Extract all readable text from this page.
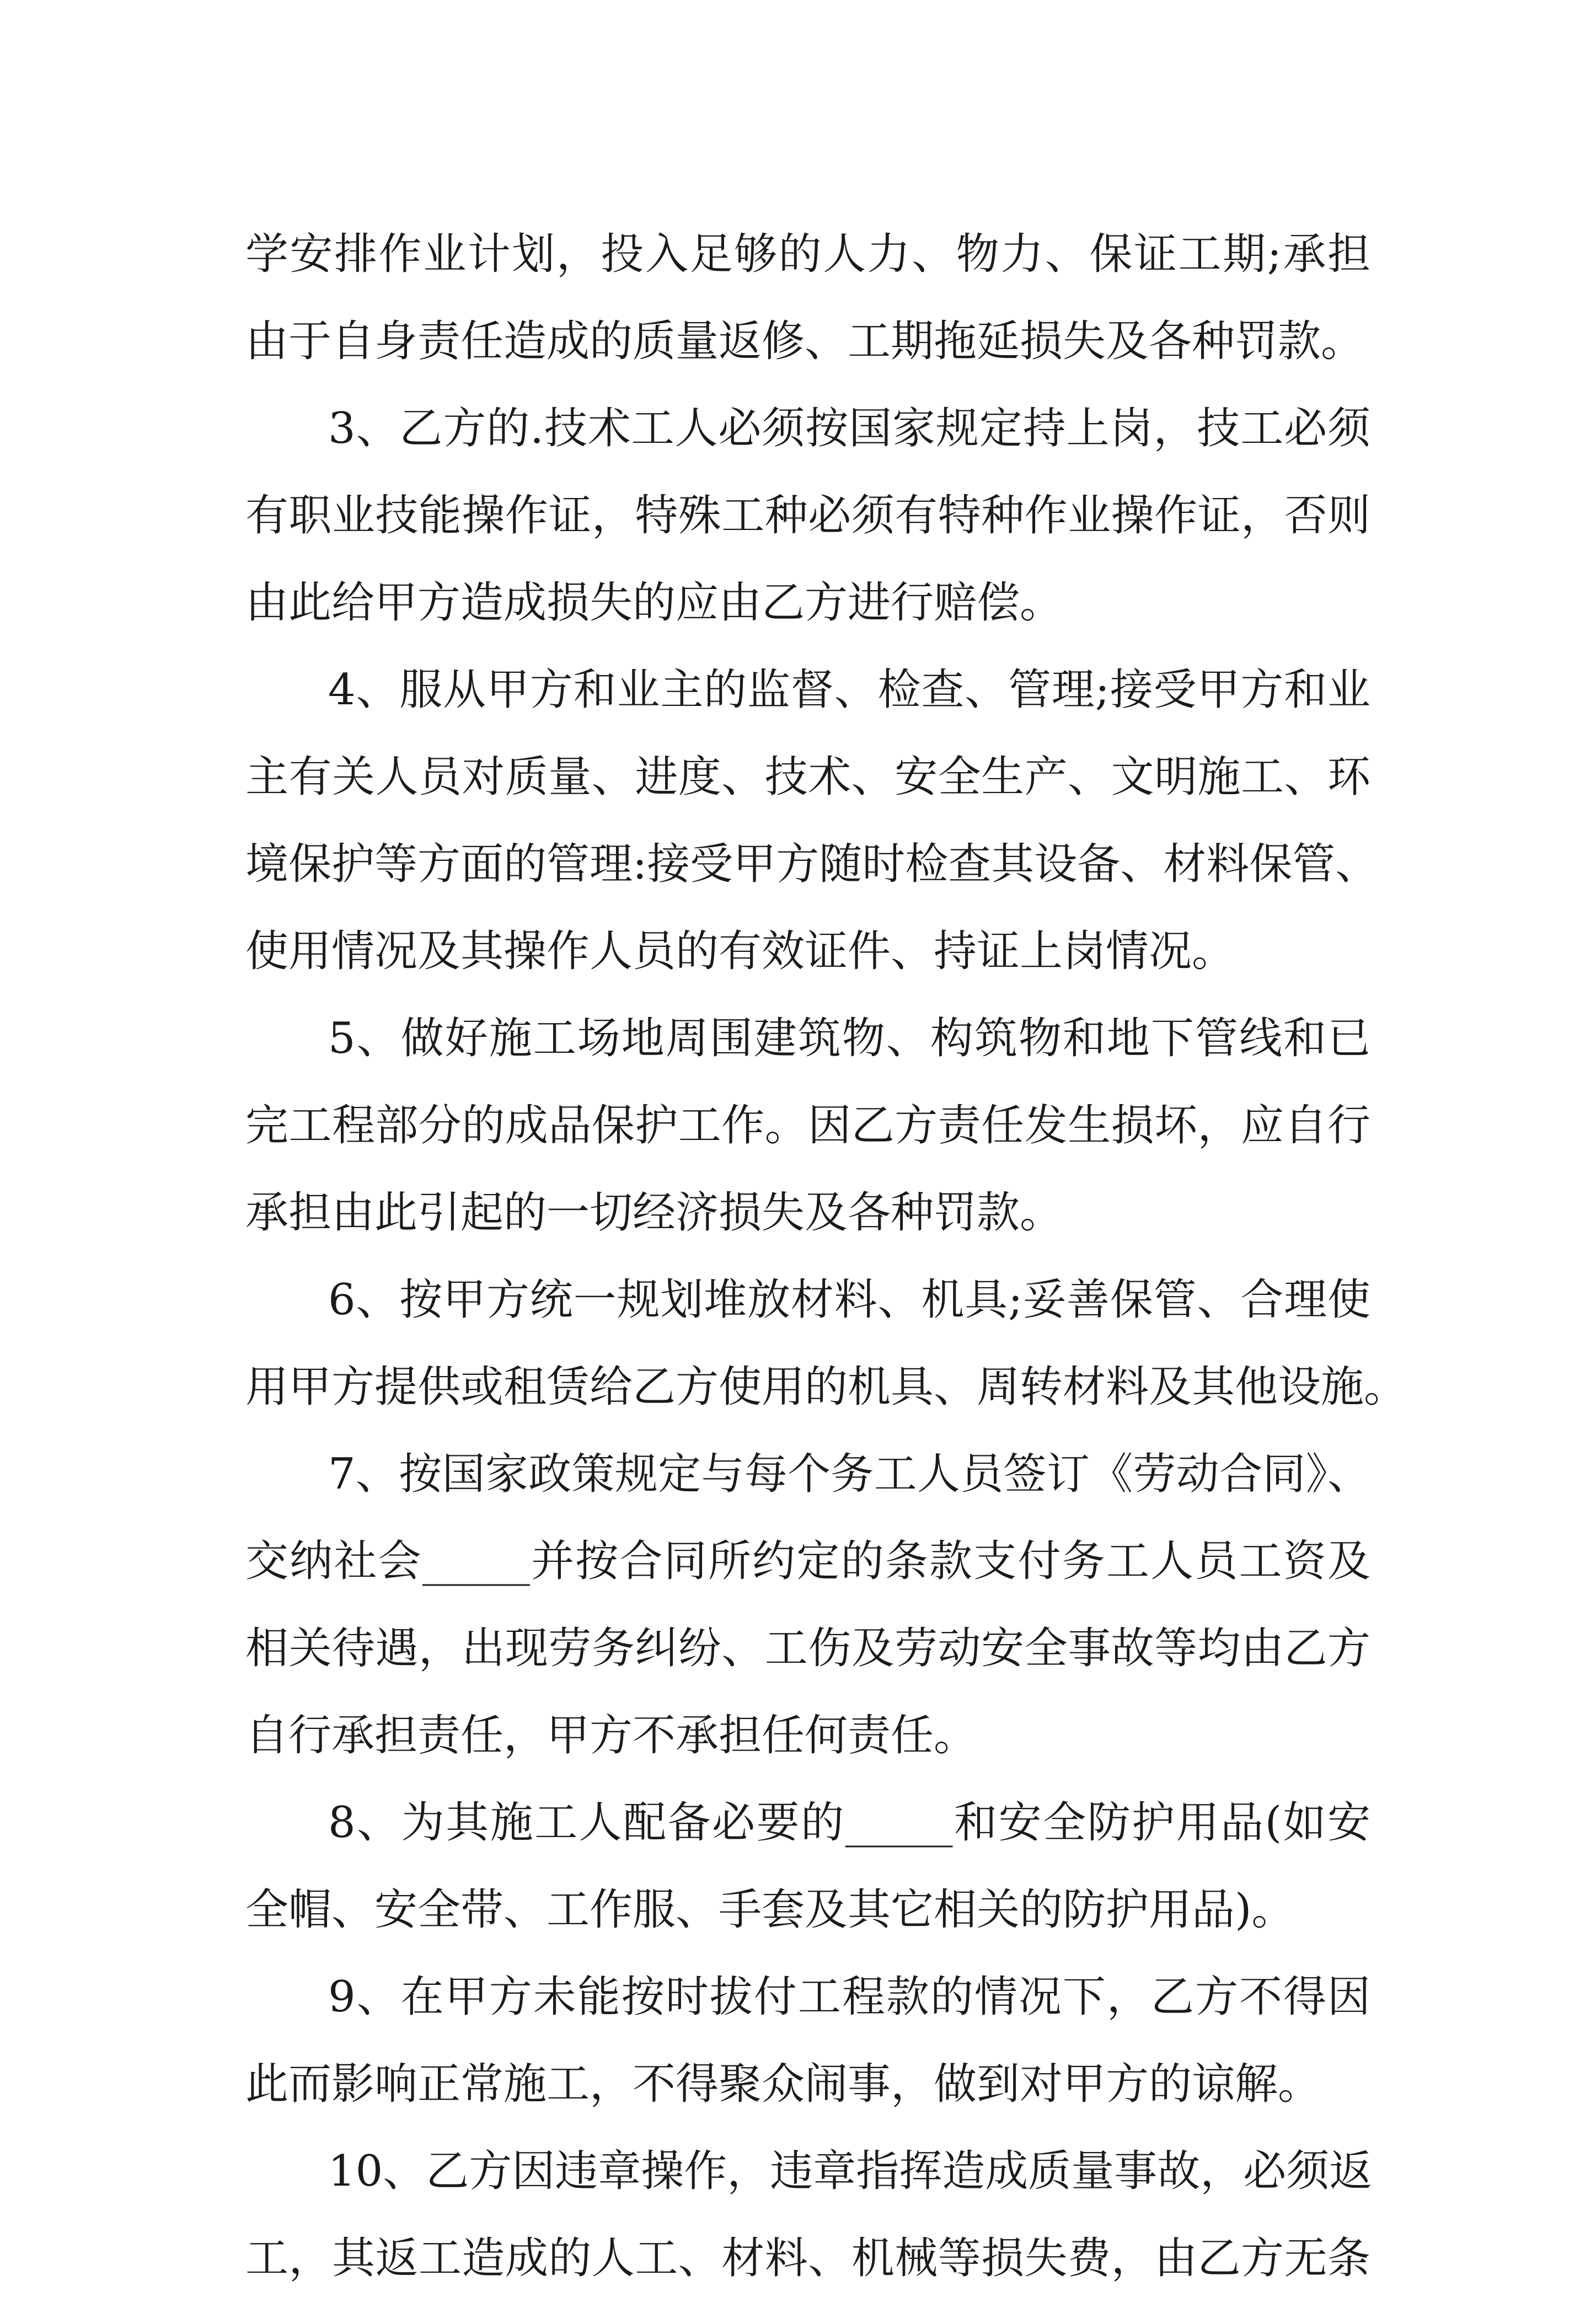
学安排作业计划，投入足够的人力、物力、保证工期;承担
由于自身责任造成的质量返修、工期拖延损失及各种罚款。
3、乙方的.技术工人必须按国家规定持上岗，技工必须
有职业技能操作证，特殊工种必须有特种作业操作证，否则
由此给甲方造成损失的应由乙方进行赔偿。
4、服从甲方和业主的监督、检查、管理;接受甲方和业
主有关人员对质量、进度、技术、安全生产、文明施工、环
境保护等方面的管理:接受甲方随时检查其设备、材料保管、
使用情况及其操作人员的有效证件、持证上岗情况。
5、做好施工场地周围建筑物、构筑物和地下管线和已
完工程部分的成品保护工作。因乙方责任发生损坏，应自行
承担由此引起的一切经济损失及各种罚款。
6、按甲方统一规划堆放材料、机具;妥善保管、合理使
用甲方提供或租赁给乙方使用的机具、周转材料及其他设施。
7、按国家政策规定与每个务工人员签订《劳动合同》、
交纳社会_____并按合同所约定的条款支付务工人员工资及
相关待遇，出现劳务纠纷、工伤及劳动安全事故等均由乙方
自行承担责任，甲方不承担任何责任。
8、为其施工人配备必要的_____和安全防护用品(如安
全帽、安全带、工作服、手套及其它相关的防护用品)。
9、在甲方未能按时拔付工程款的情况下，乙方不得因
此而影响正常施工，不得聚众闹事，做到对甲方的谅解。
10、乙方因违章操作，违章指挥造成质量事故，必须返
工，其返工造成的人工、材料、机械等损失费，由乙方无条
